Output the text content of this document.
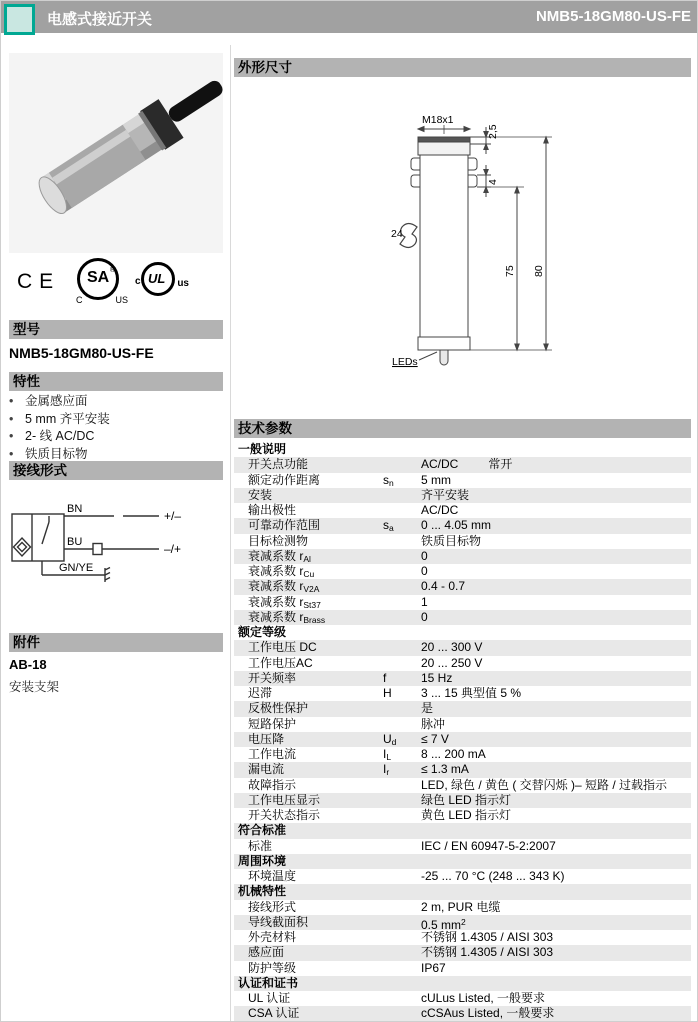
电感式接近开关	NMB5-18GM80-US-FE
CE SA ®
C	US
UL
c	us
型号
NMB5-18GM80-US-FE
特性
• 金属感应面
• 5 mm 齐平安装
• 2- 线 AC/DC
• 铁质目标物
接线形式
BN	+/–
BU	–/+
GN/YE
附件
AB-18
安装支架
外形尺寸
M18x1
2,5
4
75 80
24
LEDs
技术参数
一般说明
开关点功能	AC/DC	常开
额定动作距离	$s_n$	5 mm
安装	齐平安装
输出极性	AC/DC
可靠动作范围	$s_a$	0 ... 4.05 mm
目标检测物	铁质目标物
衰减系数 $r_{Al}$	0
衰减系数 $r_{Cu}$	0
衰减系数 $r_{V2A}$	0.4 - 0.7
衰减系数 $r_{St37}$	1
衰减系数 $r_{Brass}$	0
额定等级
工作电压 DC	20 ... 300 V
工作电压AC	20 ... 250 V
开关频率	f	15 Hz
迟滞	H	3 ... 15 典型值 5 %
反极性保护	是
短路保护	脉冲
电压降	$U_d$	≤ 7 V
工作电流	$I_L$	8 ... 200 mA
漏电流	$I_r$	≤ 1.3 mA
故障指示	LED, 绿色 / 黄色 ( 交替闪烁 )– 短路 / 过载指示
工作电压显示	绿色 LED 指示灯
开关状态指示	黄色 LED 指示灯
符合标准
标准	IEC / EN 60947-5-2:2007
周围环境
环境温度	-25 ... 70 °C (248 ... 343 K)
机械特性
接线形式	2 m, PUR 电缆
导线截面积	0.5 $mm^2$
外壳材料	不锈钢 1.4305 / AISI 303
感应面	不锈钢 1.4305 / AISI 303
防护等级	IP67
认证和证书
UL 认证	cULus Listed, 一般要求
CSA 认证	cCSAus Listed, 一般要求
